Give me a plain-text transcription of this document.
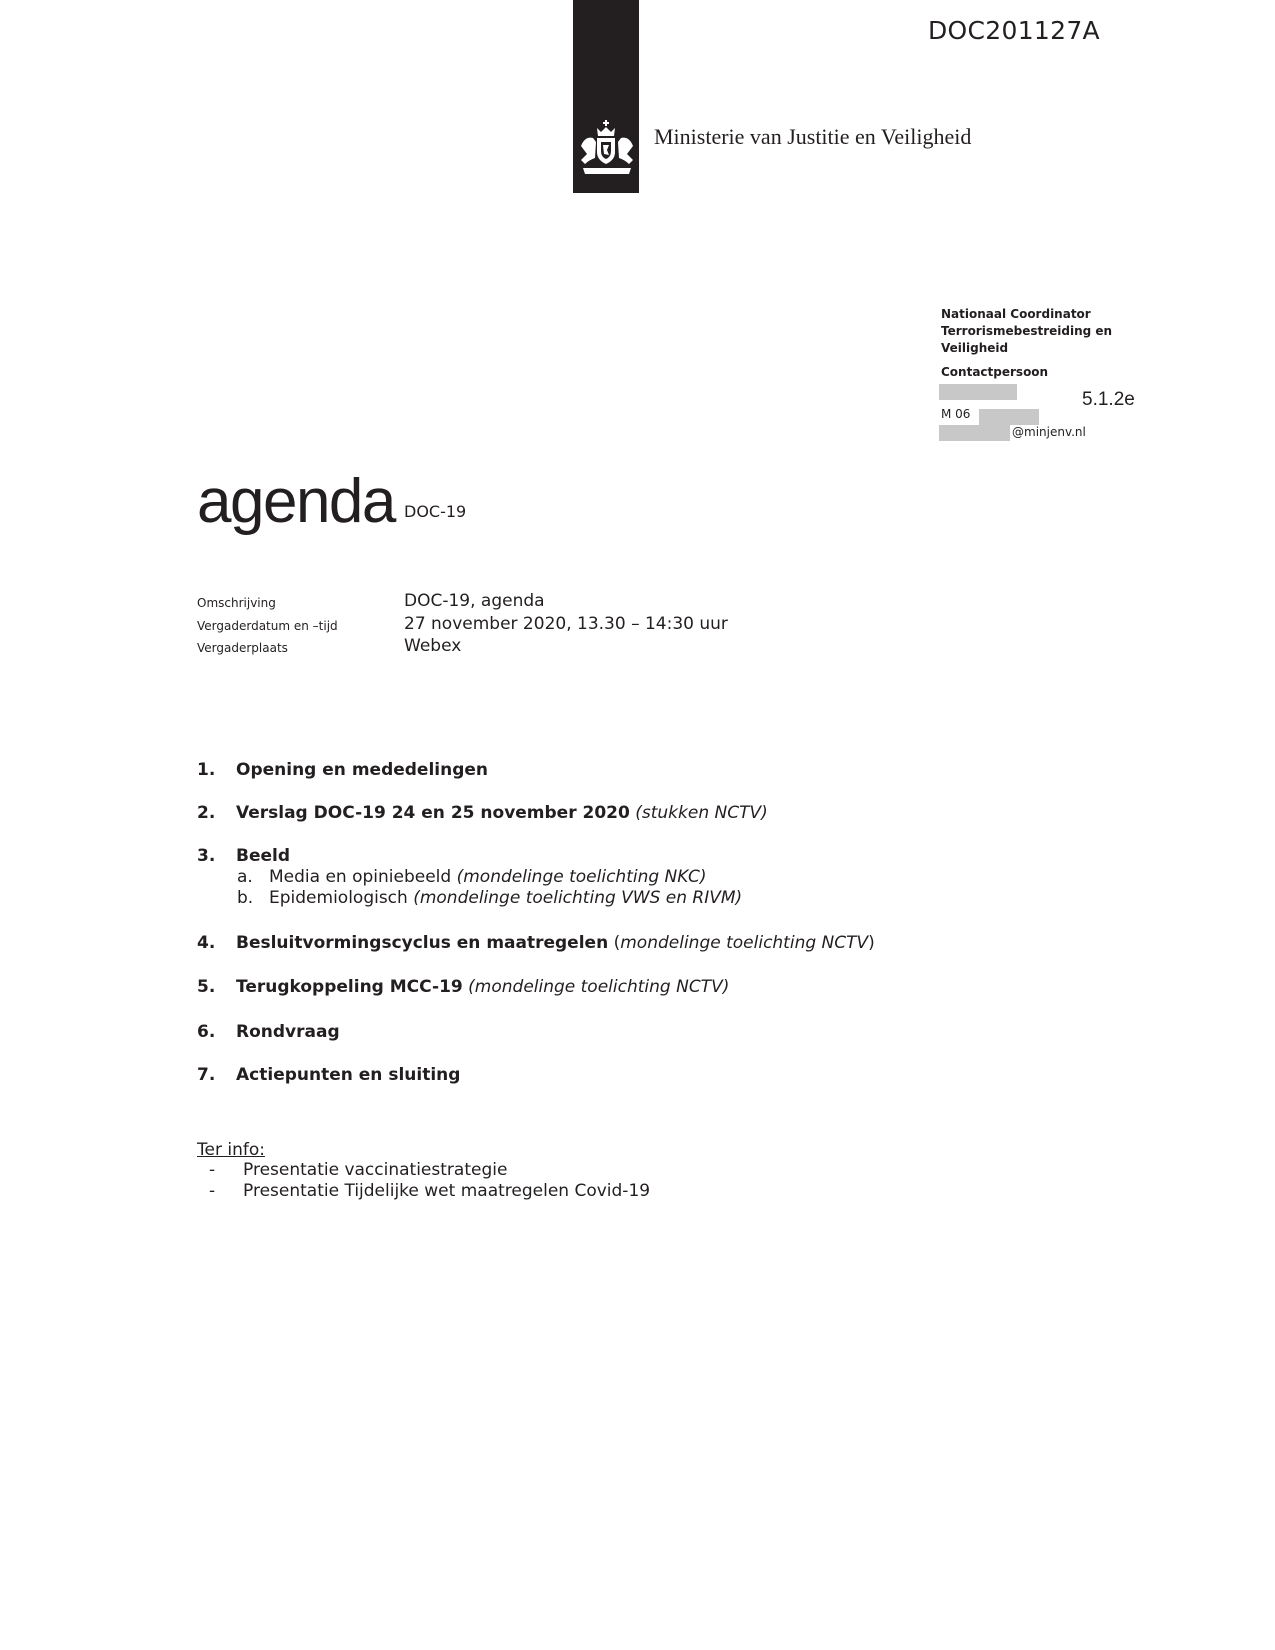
Ministerie van Justitie en Veiligheid
DOC201127A
Nationaal Coordinator
Terrorismebestreiding en
Veiligheid
Contactpersoon
M 06
@minjenv.nl
5.1.2e
agenda DOC-19
Omschrijving	DOC-19, agenda
Vergaderdatum en –tijd	27 november 2020, 13.30 – 14:30 uur
Vergaderplaats	Webex
1. Opening en mededelingen
2. Verslag DOC-19 24 en 25 november 2020 (stukken NCTV)
3. Beeld
a. Media en opiniebeeld (mondelinge toelichting NKC)
b. Epidemiologisch (mondelinge toelichting VWS en RIVM)
4. Besluitvormingscyclus en maatregelen (mondelinge toelichting NCTV)
5. Terugkoppeling MCC-19 (mondelinge toelichting NCTV)
6. Rondvraag
7. Actiepunten en sluiting
Ter info:
- Presentatie vaccinatiestrategie
- Presentatie Tijdelijke wet maatregelen Covid-19
